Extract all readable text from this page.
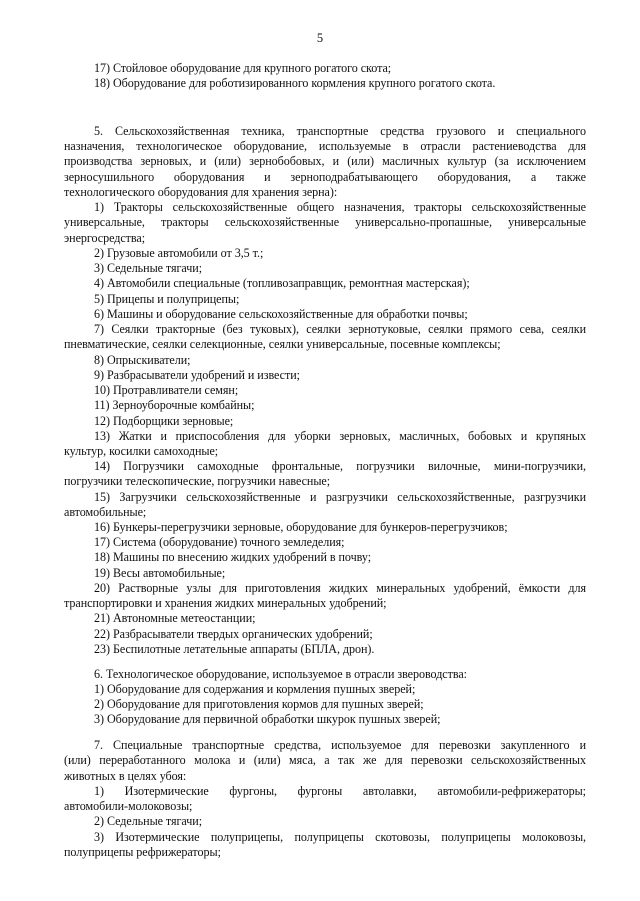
5
17) Стойловое оборудование для крупного рогатого скота;
18) Оборудование для роботизированного кормления крупного рогатого скота.
5. Сельскохозяйственная техника, транспортные средства грузового и специального
назначения, технологическое оборудование, используемые в отрасли растениеводства для
производства зерновых, и (или) зернобобовых, и (или) масличных культур (за исключением
зерносушильного оборудования и зерноподрабатывающего оборудования, а также
технологического оборудования для хранения зерна):
1) Тракторы сельскохозяйственные общего назначения, тракторы сельскохозяйственные
универсальные, тракторы сельскохозяйственные универсально-пропашные, универсальные
энергосредства;
2) Грузовые автомобили от 3,5 т.;
3) Седельные тягачи;
4) Автомобили специальные (топливозаправщик, ремонтная мастерская);
5) Прицепы и полуприцепы;
6) Машины и оборудование сельскохозяйственные для обработки почвы;
7) Сеялки тракторные (без туковых), сеялки зернотуковые, сеялки прямого сева, сеялки
пневматические, сеялки селекционные, сеялки универсальные, посевные комплексы;
8) Опрыскиватели;
9) Разбрасыватели удобрений и извести;
10) Протравливатели семян;
11) Зерноуборочные комбайны;
12) Подборщики зерновые;
13) Жатки и приспособления для уборки зерновых, масличных, бобовых и крупяных
культур, косилки самоходные;
14) Погрузчики самоходные фронтальные, погрузчики вилочные, мини-погрузчики,
погрузчики телескопические, погрузчики навесные;
15) Загрузчики сельскохозяйственные и разгрузчики сельскохозяйственные, разгрузчики
автомобильные;
16) Бункеры-перегрузчики зерновые, оборудование для бункеров-перегрузчиков;
17) Система (оборудование) точного земледелия;
18) Машины по внесению жидких удобрений в почву;
19) Весы автомобильные;
20) Растворные узлы для приготовления жидких минеральных удобрений, ёмкости для
транспортировки и хранения жидких минеральных удобрений;
21) Автономные метеостанции;
22) Разбрасыватели твердых органических удобрений;
23) Беспилотные летательные аппараты (БПЛА, дрон).
6. Технологическое оборудование, используемое в отрасли звероводства:
1) Оборудование для содержания и кормления пушных зверей;
2) Оборудование для приготовления кормов для пушных зверей;
3) Оборудование для первичной обработки шкурок пушных зверей;
7. Специальные транспортные средства, используемое для перевозки закупленного и
(или) переработанного молока и (или) мяса, а так же для перевозки сельскохозяйственных
животных в целях убоя:
1) Изотермические фургоны, фургоны автолавки, автомобили-рефрижераторы;
автомобили-молоковозы;
2) Седельные тягачи;
3) Изотермические полуприцепы, полуприцепы скотовозы, полуприцепы молоковозы,
полуприцепы рефрижераторы;
